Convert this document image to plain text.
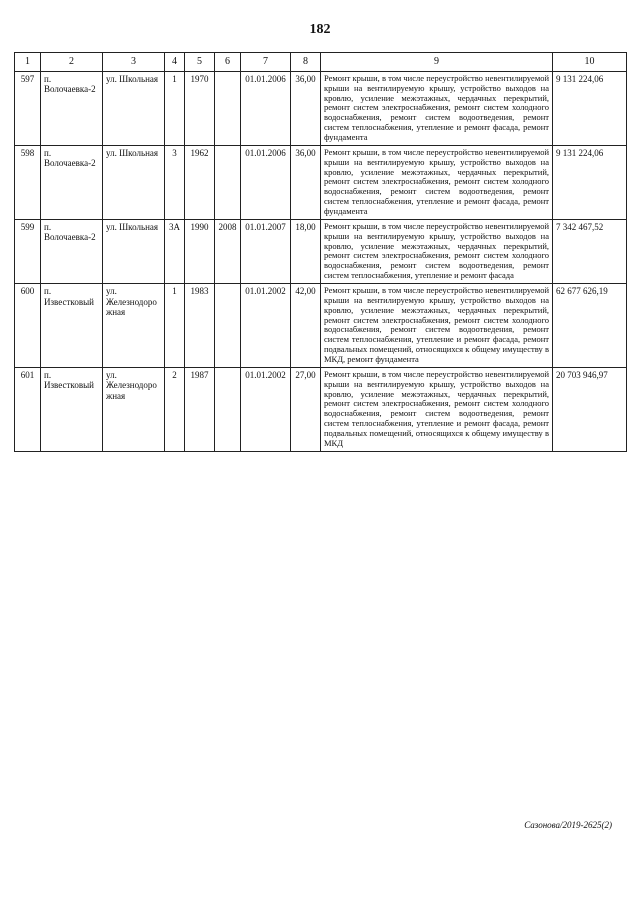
182
1	2	3	4	5	6	7	8	9	10
597	п. Волочаевка-2	ул. Школьная	1	1970		01.01.2006	36,00	Ремонт крыши, в том числе переустройство невентилируемой крыши на вентилируемую крышу, устройство выходов на кровлю, усиление межэтажных, чердачных перекрытий, ремонт систем электроснабжения, ремонт систем холодного водоснабжения, ремонт систем водоотведения, ремонт систем теплоснабжения, утепление и ремонт фасада, ремонт фундамента	9 131 224,06
598	п. Волочаевка-2	ул. Школьная	3	1962		01.01.2006	36,00	Ремонт крыши, в том числе переустройство невентилируемой крыши на вентилируемую крышу, устройство выходов на кровлю, усиление межэтажных, чердачных перекрытий, ремонт систем электроснабжения, ремонт систем холодного водоснабжения, ремонт систем водоотведения, ремонт систем теплоснабжения, утепление и ремонт фасада, ремонт фундамента	9 131 224,06
599	п. Волочаевка-2	ул. Школьная	3А	1990	2008	01.01.2007	18,00	Ремонт крыши, в том числе переустройство невентилируемой крыши на вентилируемую крышу, устройство выходов на кровлю, усиление межэтажных, чердачных перекрытий, ремонт систем электроснабжения, ремонт систем холодного водоснабжения, ремонт систем водоотведения, ремонт систем теплоснабжения, утепление и ремонт фасада	7 342 467,52
600	п. Известковый	ул. Железнодорожная	1	1983		01.01.2002	42,00	Ремонт крыши, в том числе переустройство невентилируемой крыши на вентилируемую крышу, устройство выходов на кровлю, усиление межэтажных, чердачных перекрытий, ремонт систем электроснабжения, ремонт систем холодного водоснабжения, ремонт систем водоотведения, ремонт систем теплоснабжения, утепление и ремонт фасада, ремонт подвальных помещений, относящихся к общему имуществу в МКД, ремонт фундамента	62 677 626,19
601	п. Известковый	ул. Железнодорожная	2	1987		01.01.2002	27,00	Ремонт крыши, в том числе переустройство невентилируемой крыши на вентилируемую крышу, устройство выходов на кровлю, усиление межэтажных, чердачных перекрытий, ремонт систем электроснабжения, ремонт систем холодного водоснабжения, ремонт систем водоотведения, ремонт систем теплоснабжения, утепление и ремонт фасада, ремонт подвальных помещений, относящихся к общему имуществу в МКД	20 703 946,97
Сазонова/2019-2625(2)
